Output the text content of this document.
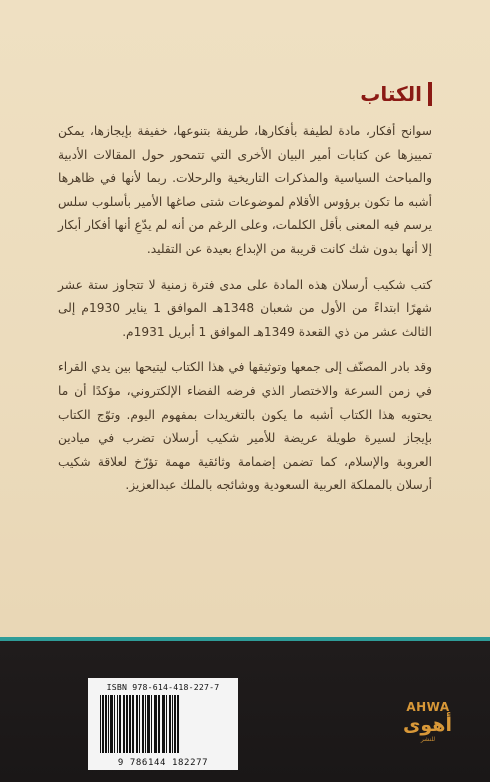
الكتاب

سوانح أفكار، مادة لطيفة بأفكارها، طريفة بتنوعها، خفيفة بإيجازها، يمكن تمييزها عن كتابات أمير البيان الأخرى التي تتمحور حول المقالات الأدبية والمباحث السياسية والمذكرات التاريخية والرحلات. ربما لأنها في ظاهرها أشبه ما تكون برؤوس الأقلام لموضوعات شتى صاغها الأمير بأسلوب سلس يرسم فيه المعنى بأقل الكلمات، وعلى الرغم من أنه لم يدّعِ أنها أفكار أبكار إلا أنها بدون شك كانت قريبة من الإبداع بعيدة عن التقليد.

كتب شكيب أرسلان هذه المادة على مدى فترة زمنية لا تتجاوز ستة عشر شهرًا ابتداءً من الأول من شعبان 1348هـ الموافق 1 يناير 1930م إلى الثالث عشر من ذي القعدة 1349هـ الموافق 1 أبريل 1931م.

وقد بادر المصنّف إلى جمعها وتوثيقها في هذا الكتاب ليتيحها بين يدي القراء في زمن السرعة والاختصار الذي فرضه الفضاء الإلكتروني، مؤكدًا أن ما يحتويه هذا الكتاب أشبه ما يكون بالتغريدات بمفهوم اليوم. وتوّج الكتاب بإيجاز لسيرة طويلة عريضة للأمير شكيب أرسلان تضرب في ميادين العروبة والإسلام، كما تضمن إضمامة وثائقية مهمة تؤرّخ لعلاقة شكيب أرسلان بالمملكة العربية السعودية ووشائجه بالملك عبدالعزيز.

ISBN 978-614-418-227-7
9 786144 182277
AHWA
أهوى
للنشر
